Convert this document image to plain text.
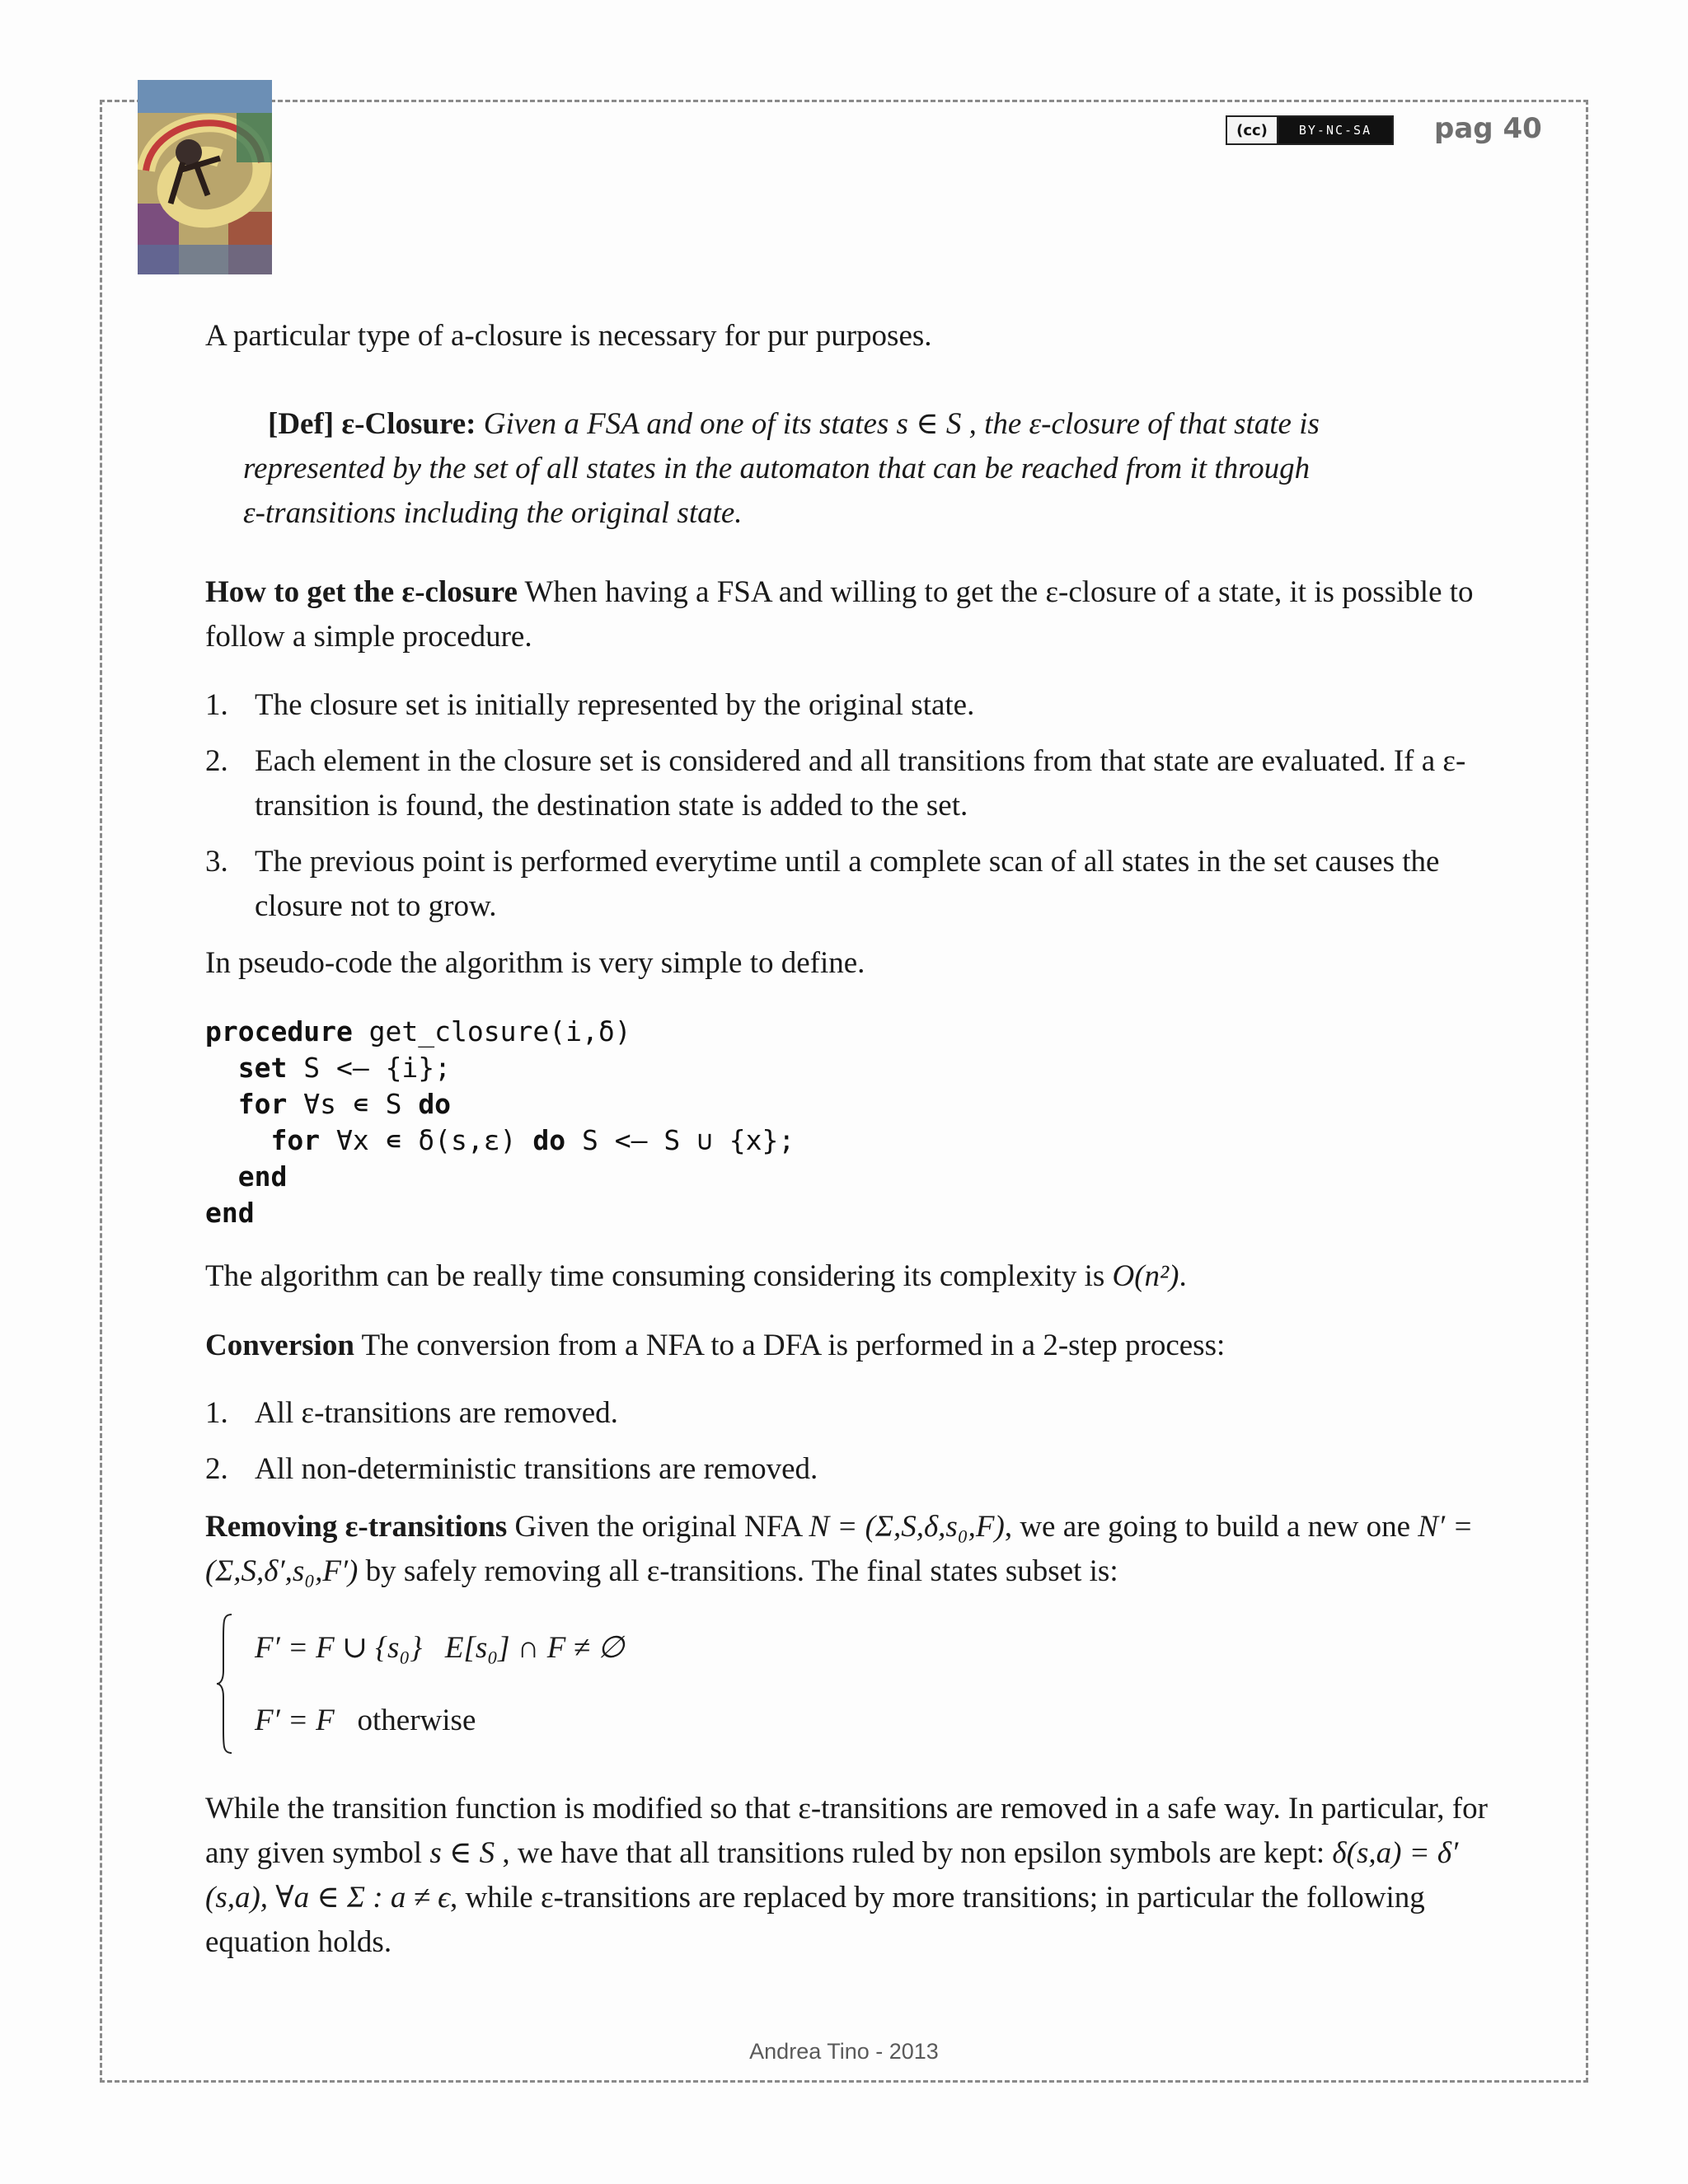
(cc)	BY-NC-SA	pag 40

A particular type of a-closure is necessary for pur purposes.

[Def] ε-Closure: Given a FSA and one of its states s ∈ S , the ε-closure of that state is
represented by the set of all states in the automaton that can be reached from it through
ε-transitions including the original state.

How to get the ε-closure When having a FSA and willing to get the ε-closure of a state, it is possible to follow a simple procedure.

1. The closure set is initially represented by the original state.
2. Each element in the closure set is considered and all transitions from that state are evaluated. If a ε-transition is found, the destination state is added to the set.
3. The previous point is performed everytime until a complete scan of all states in the set causes the closure not to grow.

In pseudo-code the algorithm is very simple to define.

procedure get_closure(i,δ)
set S <– {i};
for ∀s ∊ S do
for ∀x ∊ δ(s,ε) do S <– S ∪ {x};
end
end

The algorithm can be really time consuming considering its complexity is O(n²).

Conversion The conversion from a NFA to a DFA is performed in a 2-step process:

1. All ε-transitions are removed.
2. All non-deterministic transitions are removed.

Removing ε-transitions Given the original NFA N = (Σ,S,δ,s₀,F), we are going to build a new one N′ = (Σ,S,δ′,s₀,F′) by safely removing all ε-transitions. The final states subset is:

F′ = F ∪ {s₀} E[s₀] ∩ F ≠ ∅
F′ = F otherwise

While the transition function is modified so that ε-transitions are removed in a safe way. In particular, for any given symbol s ∈ S , we have that all transitions ruled by non epsilon symbols are kept: δ(s,a) = δ′(s,a), ∀a ∈ Σ : a ≠ ϵ, while ε-transitions are replaced by more transitions; in particular the following equation holds.

Andrea Tino - 2013
